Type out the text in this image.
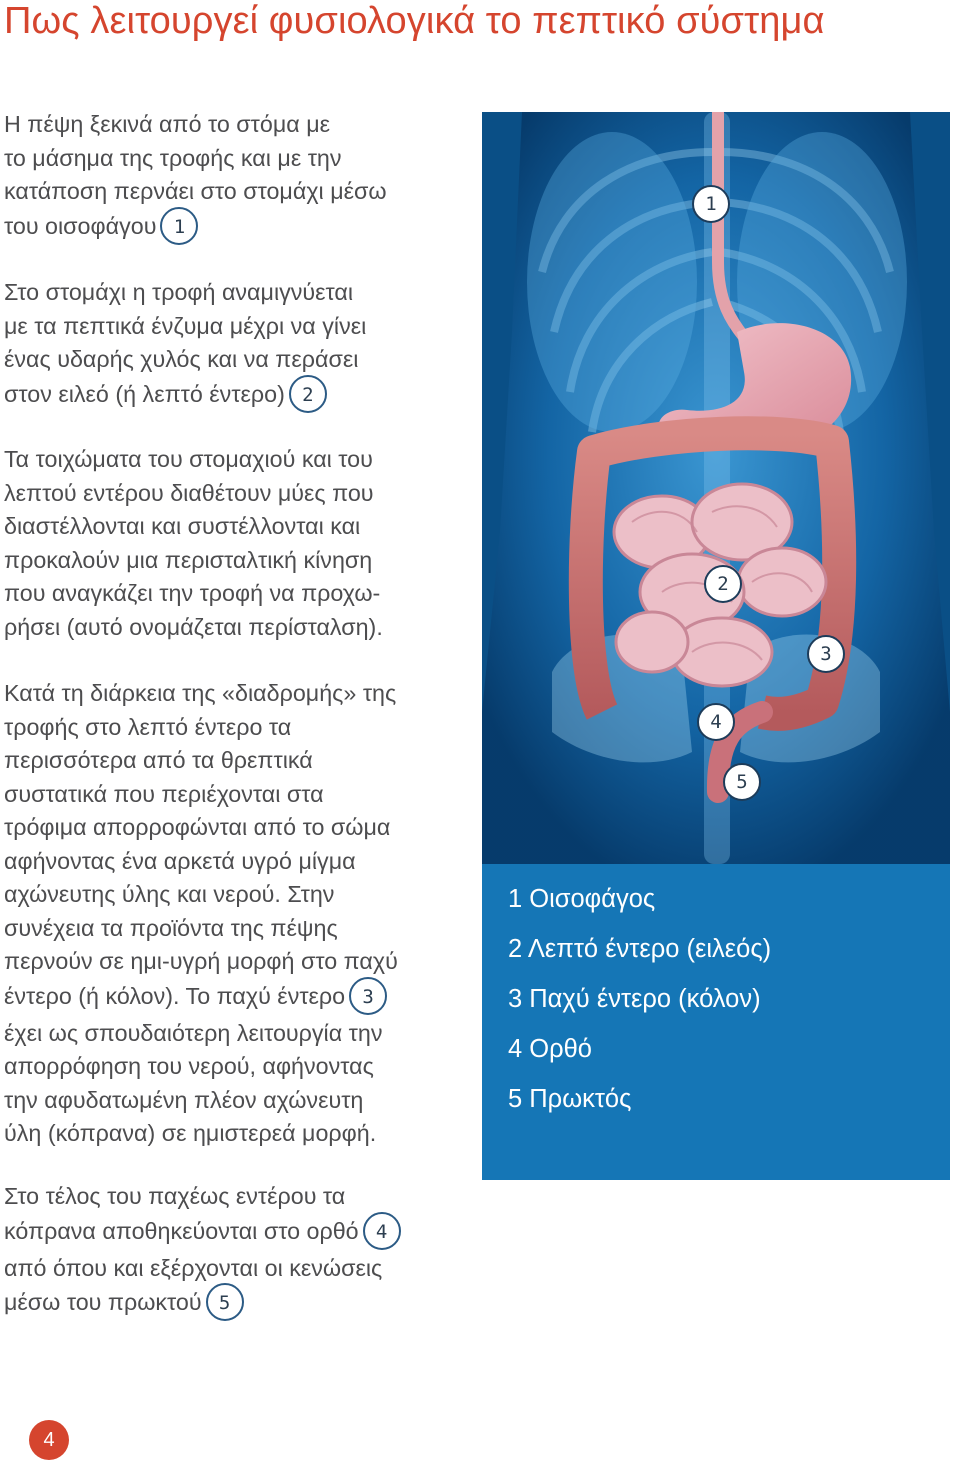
Πως λειτουργεί φυσιολογικά το πεπτικό σύστημα

Η πέψη ξεκινά από το στόμα με
το μάσημα της τροφής και με την
κατάποση περνάει στο στομάχι μέσω
του οισοφάγου 1

Στο στομάχι η τροφή αναμιγνύεται
με τα πεπτικά ένζυμα μέχρι να γίνει
ένας υδαρής χυλός και να περάσει
στον ειλεό (ή λεπτό έντερο) 2

Τα τοιχώματα του στομαχιού και του
λεπτού εντέρου διαθέτουν μύες που
διαστέλλονται και συστέλλονται και
προκαλούν μια περισταλτική κίνηση
που αναγκάζει την τροφή να προχω-
ρήσει (αυτό ονομάζεται περίσταλση).

Κατά τη διάρκεια της «διαδρομής» της
τροφής στο λεπτό έντερο τα
περισσότερα από τα θρεπτικά
συστατικά που περιέχονται στα
τρόφιμα απορροφώνται από το σώμα
αφήνοντας ένα αρκετά υγρό μίγμα
αχώνευτης ύλης και νερού. Στην
συνέχεια τα προϊόντα της πέψης
περνούν σε ημι-υγρή μορφή στο παχύ
έντερο (ή κόλον). Το παχύ έντερο 3
έχει ως σπουδαιότερη λειτουργία την
απορρόφηση του νερού, αφήνοντας
την αφυδατωμένη πλέον αχώνευτη
ύλη (κόπρανα) σε ημιστερεά μορφή.

Στο τέλος του παχέως εντέρου τα
κόπρανα αποθηκεύονται στο ορθό 4
από όπου και εξέρχονται οι κενώσεις
μέσω του πρωκτού 5

1
2
3
4
5
1 Οισοφάγος
2 Λεπτό έντερο (ειλεός)
3 Παχύ έντερο (κόλον)
4 Ορθό
5 Πρωκτός
4
